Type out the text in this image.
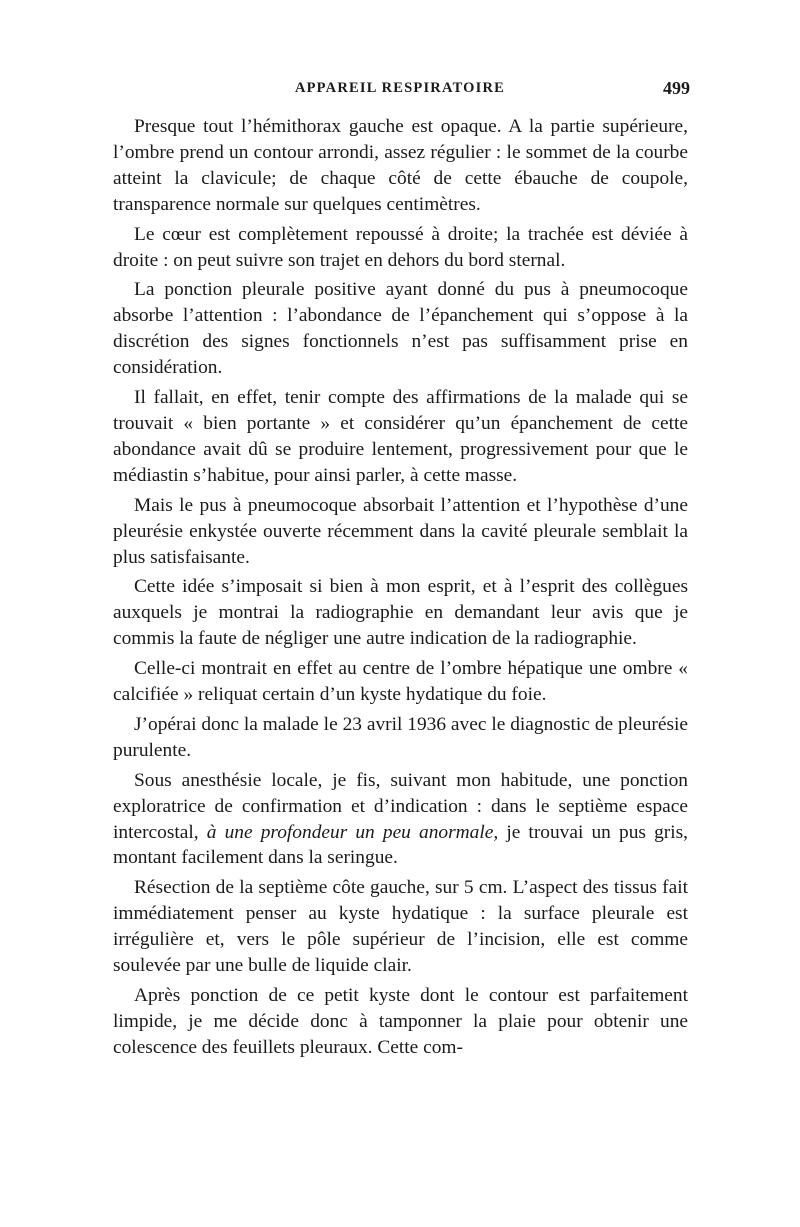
APPAREIL RESPIRATOIRE	499

Presque tout l’hémithorax gauche est opaque. A la partie supérieure, l’ombre prend un contour arrondi, assez régulier : le sommet de la courbe atteint la clavicule; de chaque côté de cette ébauche de coupole, transparence normale sur quelques centimètres.

Le cœur est complètement repoussé à droite; la trachée est déviée à droite : on peut suivre son trajet en dehors du bord sternal.

La ponction pleurale positive ayant donné du pus à pneumocoque absorbe l’attention : l’abondance de l’épanchement qui s’oppose à la discrétion des signes fonctionnels n’est pas suffisamment prise en considération.

Il fallait, en effet, tenir compte des affirmations de la malade qui se trouvait « bien portante » et considérer qu’un épanchement de cette abondance avait dû se produire lentement, progressivement pour que le médiastin s’habitue, pour ainsi parler, à cette masse.

Mais le pus à pneumocoque absorbait l’attention et l’hypothèse d’une pleurésie enkystée ouverte récemment dans la cavité pleurale semblait la plus satisfaisante.

Cette idée s’imposait si bien à mon esprit, et à l’esprit des collègues auxquels je montrai la radiographie en demandant leur avis que je commis la faute de négliger une autre indication de la radiographie.

Celle-ci montrait en effet au centre de l’ombre hépatique une ombre « calcifiée » reliquat certain d’un kyste hydatique du foie.

J’opérai donc la malade le 23 avril 1936 avec le diagnostic de pleurésie purulente.

Sous anesthésie locale, je fis, suivant mon habitude, une ponction exploratrice de confirmation et d’indication : dans le septième espace intercostal, à une profondeur un peu anormale, je trouvai un pus gris, montant facilement dans la seringue.

Résection de la septième côte gauche, sur 5 cm. L’aspect des tissus fait immédiatement penser au kyste hydatique : la surface pleurale est irrégulière et, vers le pôle supérieur de l’incision, elle est comme soulevée par une bulle de liquide clair.

Après ponction de ce petit kyste dont le contour est parfaitement limpide, je me décide donc à tamponner la plaie pour obtenir une colescence des feuillets pleuraux. Cette com-
